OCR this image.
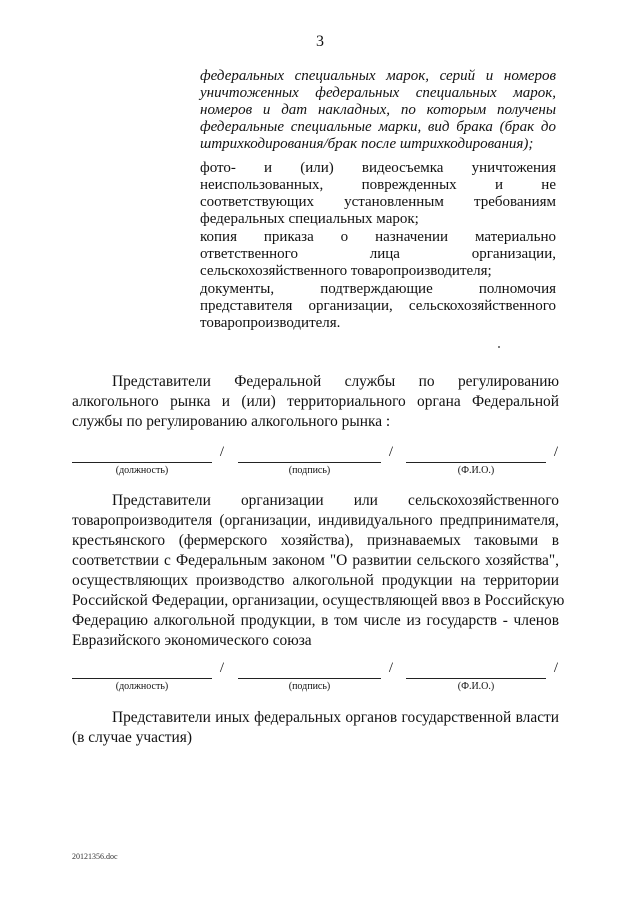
3
федеральных специальных марок, серий и номеров
уничтоженных федеральных специальных марок,
номеров и дат накладных, по которым получены
федеральные специальные марки, вид брака (брак до
штрихкодирования/брак после штрихкодирования);
фото- и (или) видеосъемка уничтожения
неиспользованных, поврежденных и не
соответствующих установленным требованиям
федеральных специальных марок;
копия приказа о назначении материально
ответственного лица организации,
сельскохозяйственного товаропроизводителя;
документы, подтверждающие полномочия
представителя организации, сельскохозяйственного
товаропроизводителя.
Представители Федеральной службы по регулированию
алкогольного рынка и (или) территориального органа Федеральной
службы по регулированию алкогольного рынка :
/
(должность)
/
(подпись)
/
(Ф.И.О.)
Представители организации или сельскохозяйственного
товаропроизводителя (организации, индивидуального предпринимателя,
крестьянского (фермерского хозяйства), признаваемых таковыми в
соответствии с Федеральным законом "О развитии сельского хозяйства",
осуществляющих производство алкогольной продукции на территории
Российской Федерации, организации, осуществляющей ввоз в Российскую
Федерацию алкогольной продукции, в том числе из государств - членов
Евразийского экономического союза
/
(должность)
/
(подпись)
/
(Ф.И.О.)
Представители иных федеральных органов государственной власти
(в случае участия)
20121356.doc
